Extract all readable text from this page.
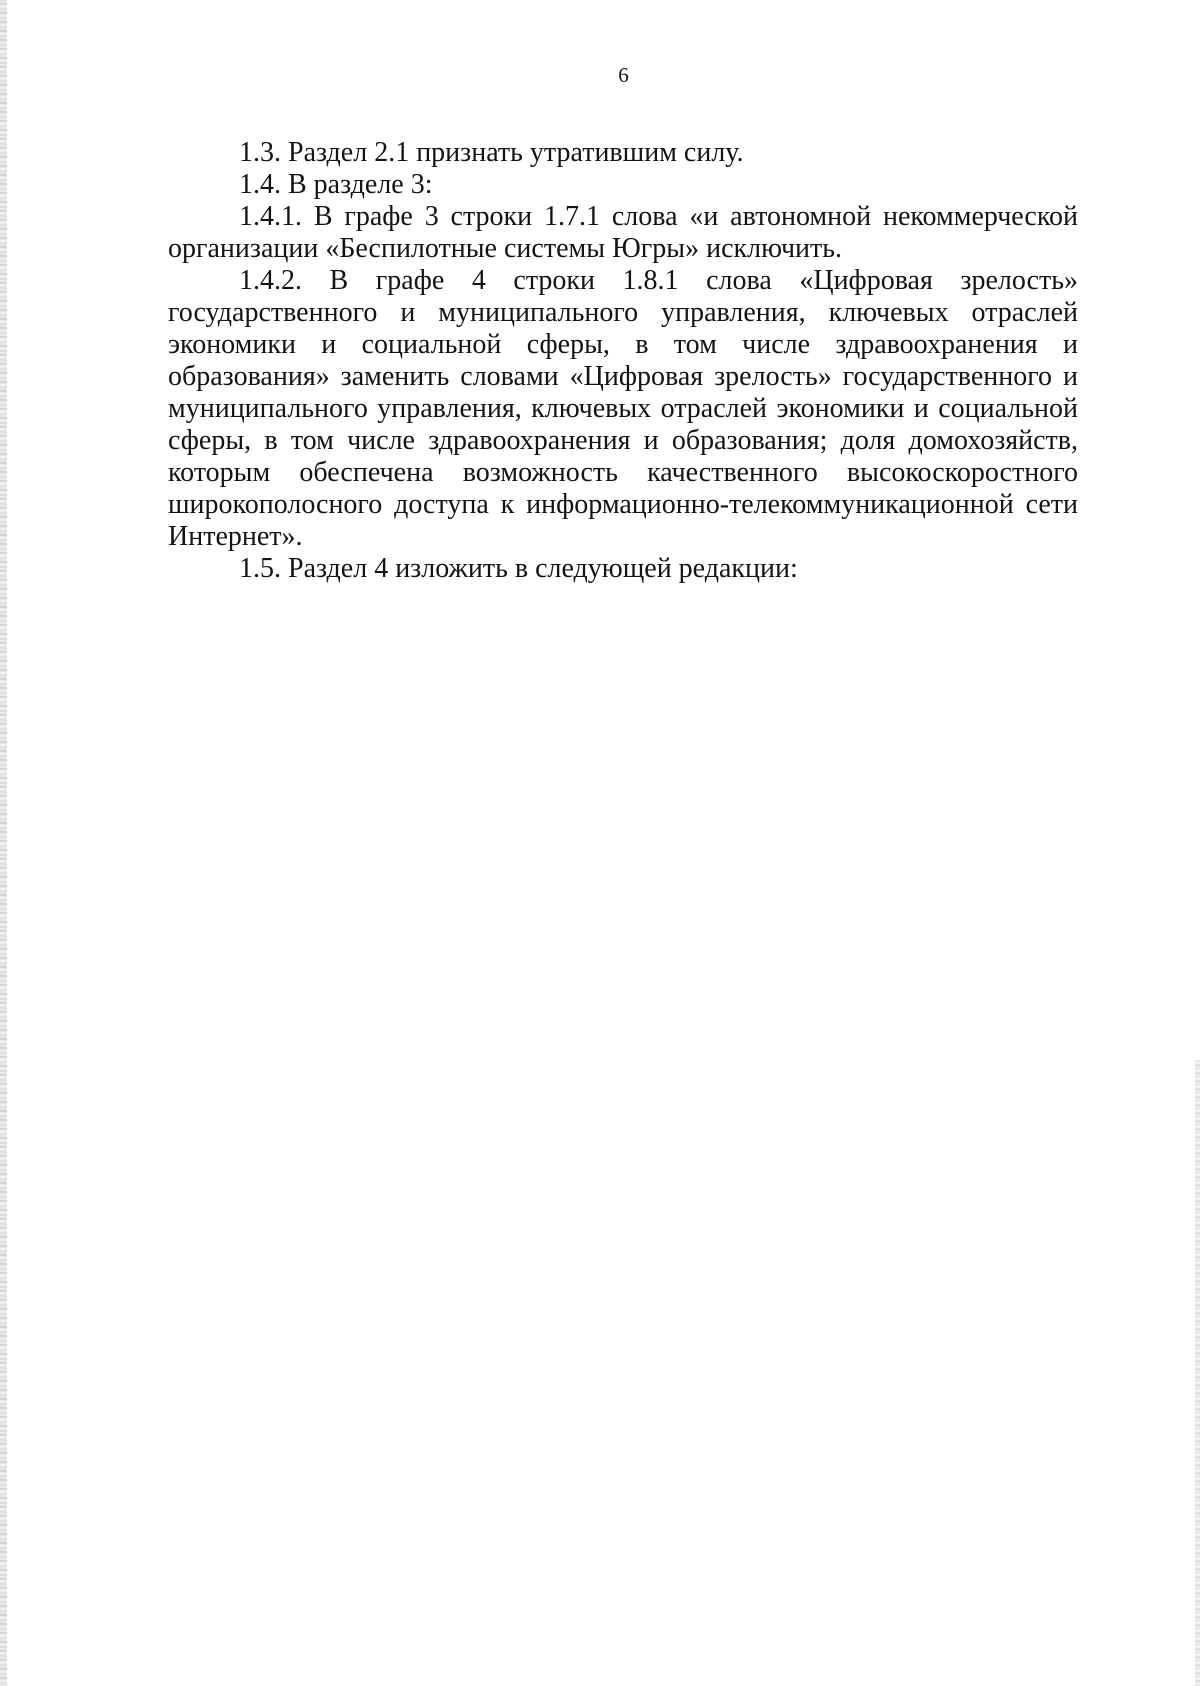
6

1.3. Раздел 2.1 признать утратившим силу.

1.4. В разделе 3:

1.4.1. В графе 3 строки 1.7.1 слова «и автономной некоммерческой организации «Беспилотные системы Югры» исключить.

1.4.2. В графе 4 строки 1.8.1 слова «Цифровая зрелость» государственного и муниципального управления, ключевых отраслей экономики и социальной сферы, в том числе здравоохранения и образования» заменить словами «Цифровая зрелость» государственного и муниципального управления, ключевых отраслей экономики и социальной сферы, в том числе здравоохранения и образования; доля домохозяйств, которым обеспечена возможность качественного высокоскоростного широкополосного доступа к информационно-телекоммуникационной сети Интернет».

1.5. Раздел 4 изложить в следующей редакции:
